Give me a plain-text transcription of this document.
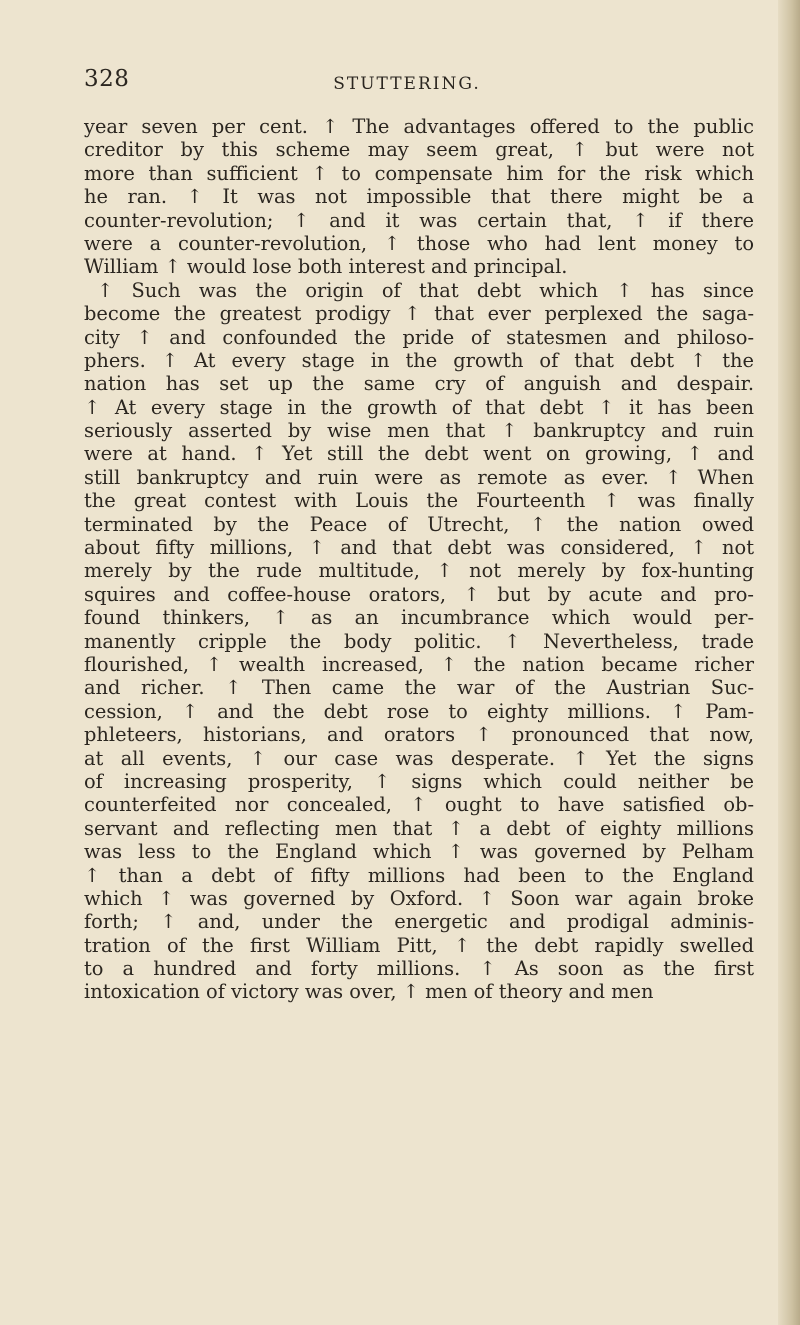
328	STUTTERING.
year seven per cent. ↑ The advantages offered to the public
creditor by this scheme may seem great, ↑ but were not
more than sufficient ↑ to compensate him for the risk which
he ran. ↑ It was not impossible that there might be a
counter-revolution; ↑ and it was certain that, ↑ if there
were a counter-revolution, ↑ those who had lent money to
William ↑ would lose both interest and principal.
↑ Such was the origin of that debt which ↑ has since
become the greatest prodigy ↑ that ever perplexed the saga-
city ↑ and confounded the pride of statesmen and philoso-
phers. ↑ At every stage in the growth of that debt ↑ the
nation has set up the same cry of anguish and despair.
↑ At every stage in the growth of that debt ↑ it has been
seriously asserted by wise men that ↑ bankruptcy and ruin
were at hand. ↑ Yet still the debt went on growing, ↑ and
still bankruptcy and ruin were as remote as ever. ↑ When
the great contest with Louis the Fourteenth ↑ was finally
terminated by the Peace of Utrecht, ↑ the nation owed
about fifty millions, ↑ and that debt was considered, ↑ not
merely by the rude multitude, ↑ not merely by fox-hunting
squires and coffee-house orators, ↑ but by acute and pro-
found thinkers, ↑ as an incumbrance which would per-
manently cripple the body politic. ↑ Nevertheless, trade
flourished, ↑ wealth increased, ↑ the nation became richer
and richer. ↑ Then came the war of the Austrian Suc-
cession, ↑ and the debt rose to eighty millions. ↑ Pam-
phleteers, historians, and orators ↑ pronounced that now,
at all events, ↑ our case was desperate. ↑ Yet the signs
of increasing prosperity, ↑ signs which could neither be
counterfeited nor concealed, ↑ ought to have satisfied ob-
servant and reflecting men that ↑ a debt of eighty millions
was less to the England which ↑ was governed by Pelham
↑ than a debt of fifty millions had been to the England
which ↑ was governed by Oxford. ↑ Soon war again broke
forth; ↑ and, under the energetic and prodigal adminis-
tration of the first William Pitt, ↑ the debt rapidly swelled
to a hundred and forty millions. ↑ As soon as the first
intoxication of victory was over, ↑ men of theory and men
